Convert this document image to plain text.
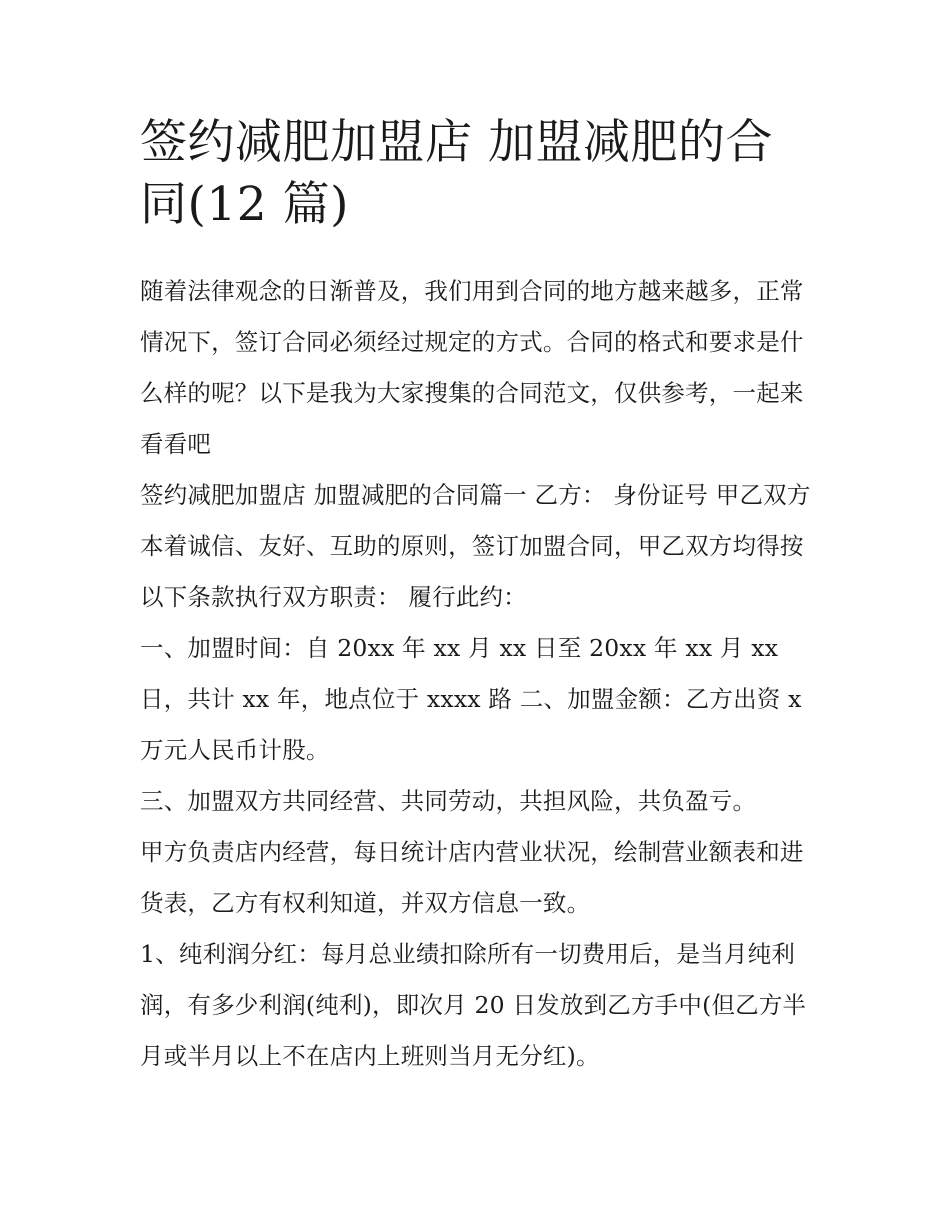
签约减肥加盟店 加盟减肥的合同(12 篇)

随着法律观念的日渐普及，我们用到合同的地方越来越多，正常情况下，签订合同必须经过规定的方式。合同的格式和要求是什么样的呢？以下是我为大家搜集的合同范文，仅供参考，一起来看看吧

签约减肥加盟店 加盟减肥的合同篇一 乙方： 身份证号 甲乙双方本着诚信、友好、互助的原则，签订加盟合同，甲乙双方均得按以下条款执行双方职责： 履行此约：

一、加盟时间：自 20xx 年 xx 月 xx 日至 20xx 年 xx 月 xx 日，共计 xx 年，地点位于 xxxx 路 二、加盟金额：乙方出资 x 万元人民币计股。

三、加盟双方共同经营、共同劳动，共担风险，共负盈亏。

甲方负责店内经营，每日统计店内营业状况，绘制营业额表和进货表，乙方有权利知道，并双方信息一致。

1、纯利润分红：每月总业绩扣除所有一切费用后，是当月纯利润，有多少利润(纯利)，即次月 20 日发放到乙方手中(但乙方半月或半月以上不在店内上班则当月无分红)。
